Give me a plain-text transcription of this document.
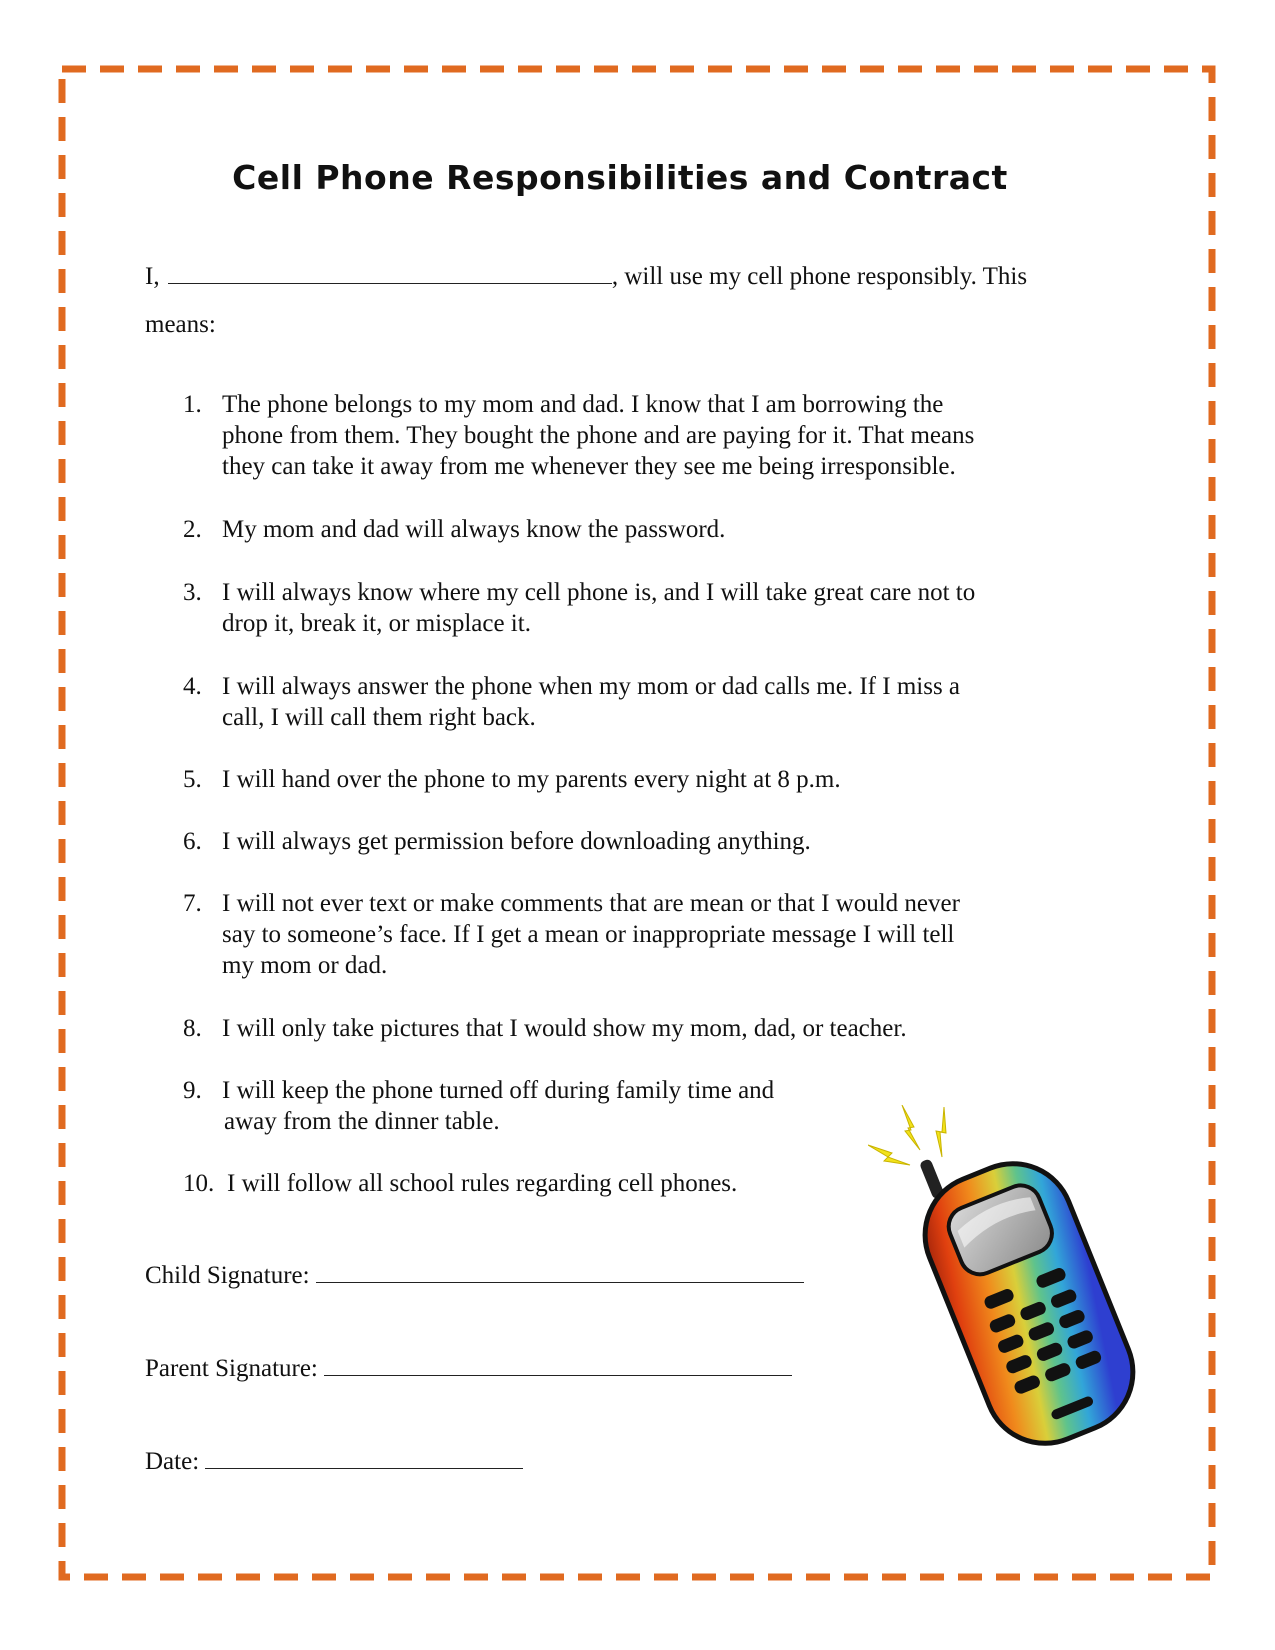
Cell Phone Responsibilities and Contract
I,	, will use my cell phone responsibly. This
means:
1. The phone belongs to my mom and dad. I know that I am borrowing the
phone from them. They bought the phone and are paying for it. That means
they can take it away from me whenever they see me being irresponsible.
2. My mom and dad will always know the password.
3. I will always know where my cell phone is, and I will take great care not to
drop it, break it, or misplace it.
4. I will always answer the phone when my mom or dad calls me. If I miss a
call, I will call them right back.
5. I will hand over the phone to my parents every night at 8 p.m.
6. I will always get permission before downloading anything.
7. I will not ever text or make comments that are mean or that I would never
say to someone’s face. If I get a mean or inappropriate message I will tell
my mom or dad.
8. I will only take pictures that I would show my mom, dad, or teacher.
9. I will keep the phone turned off during family time and
away from the dinner table.
10. I will follow all school rules regarding cell phones.
Child Signature:
Parent Signature:
Date:
